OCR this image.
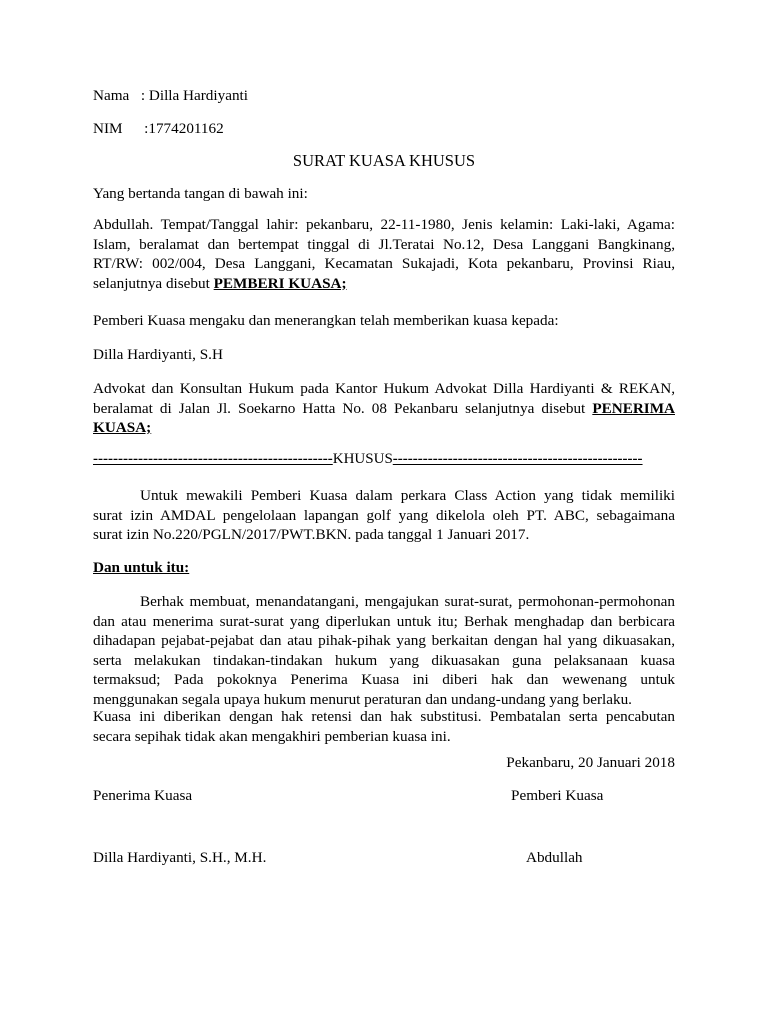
Nama : Dilla Hardiyanti
NIM :1774201162
SURAT KUASA KHUSUS
Yang bertanda tangan di bawah ini:
Abdullah. Tempat/Tanggal lahir: pekanbaru, 22-11-1980, Jenis kelamin: Laki-laki, Agama:
Islam, beralamat dan bertempat tinggal di Jl.Teratai No.12, Desa Langgani Bangkinang,
RT/RW: 002/004, Desa Langgani, Kecamatan Sukajadi, Kota pekanbaru, Provinsi Riau,
selanjutnya disebut PEMBERI KUASA;
Pemberi Kuasa mengaku dan menerangkan telah memberikan kuasa kepada:
Dilla Hardiyanti, S.H
Advokat dan Konsultan Hukum pada Kantor Hukum Advokat Dilla Hardiyanti & REKAN,
beralamat di Jalan Jl. Soekarno Hatta No. 08 Pekanbaru selanjutnya disebut PENERIMA
KUASA;
------------------------------------------------KHUSUS--------------------------------------------------
Untuk mewakili Pemberi Kuasa dalam perkara Class Action yang tidak memiliki
surat izin AMDAL pengelolaan lapangan golf yang dikelola oleh PT. ABC, sebagaimana
surat izin No.220/PGLN/2017/PWT.BKN. pada tanggal 1 Januari 2017.
Dan untuk itu:
Berhak membuat, menandatangani, mengajukan surat-surat, permohonan-permohonan
dan atau menerima surat-surat yang diperlukan untuk itu; Berhak menghadap dan berbicara
dihadapan pejabat-pejabat dan atau pihak-pihak yang berkaitan dengan hal yang dikuasakan,
serta melakukan tindakan-tindakan hukum yang dikuasakan guna pelaksanaan kuasa
termaksud; Pada pokoknya Penerima Kuasa ini diberi hak dan wewenang untuk
menggunakan segala upaya hukum menurut peraturan dan undang-undang yang berlaku.
Kuasa ini diberikan dengan hak retensi dan hak substitusi. Pembatalan serta pencabutan
secara sepihak tidak akan mengakhiri pemberian kuasa ini.
Pekanbaru, 20 Januari 2018
Penerima Kuasa	Pemberi Kuasa
Dilla Hardiyanti, S.H., M.H.	Abdullah
